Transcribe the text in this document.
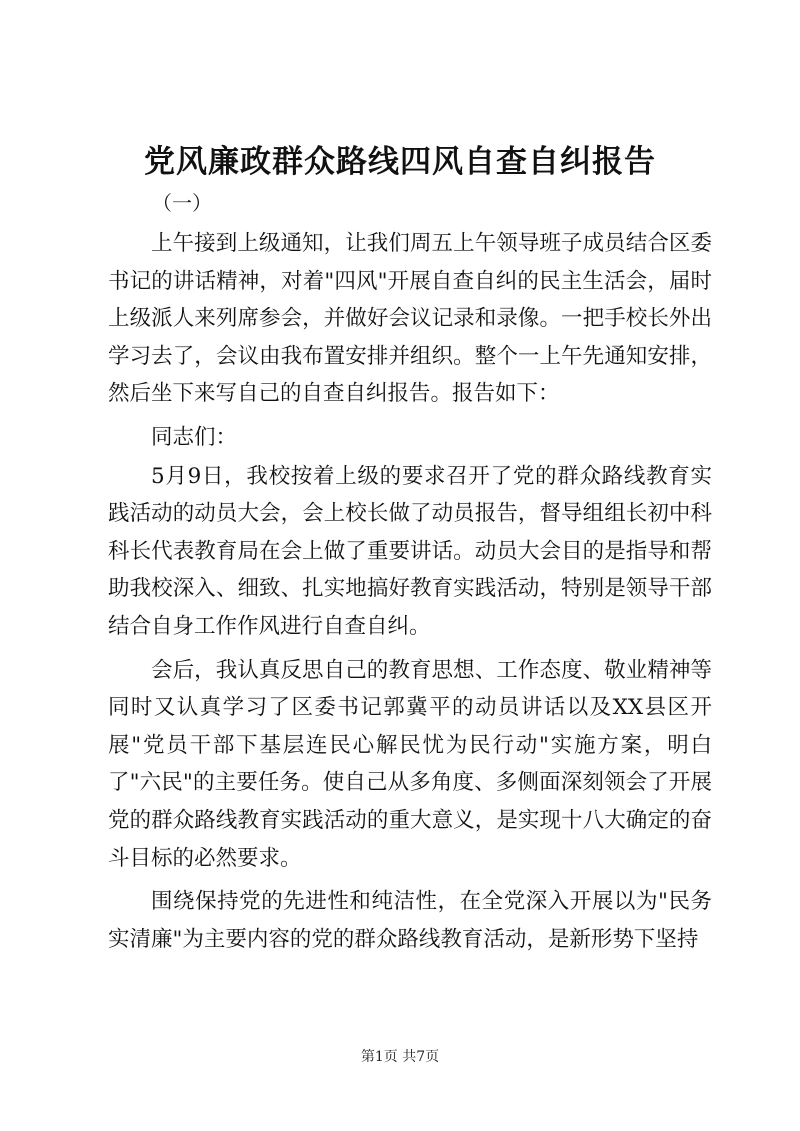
党风廉政群众路线四风自查自纠报告
（一）

上午接到上级通知，让我们周五上午领导班子成员结合区委书记的讲话精神，对着"四风"开展自查自纠的民主生活会，届时上级派人来列席参会，并做好会议记录和录像。一把手校长外出学习去了，会议由我布置安排并组织。整个一上午先通知安排，然后坐下来写自己的自查自纠报告。报告如下：

同志们：

5月9日，我校按着上级的要求召开了党的群众路线教育实践活动的动员大会，会上校长做了动员报告，督导组组长初中科科长代表教育局在会上做了重要讲话。动员大会目的是指导和帮助我校深入、细致、扎实地搞好教育实践活动，特别是领导干部结合自身工作作风进行自查自纠。

会后，我认真反思自己的教育思想、工作态度、敬业精神等同时又认真学习了区委书记郭冀平的动员讲话以及XX县区开展"党员干部下基层连民心解民忧为民行动"实施方案，明白了"六民"的主要任务。使自己从多角度、多侧面深刻领会了开展党的群众路线教育实践活动的重大意义，是实现十八大确定的奋斗目标的必然要求。

围绕保持党的先进性和纯洁性，在全党深入开展以为"民务实清廉"为主要内容的党的群众路线教育活动，是新形势下坚持

第1页 共7页
